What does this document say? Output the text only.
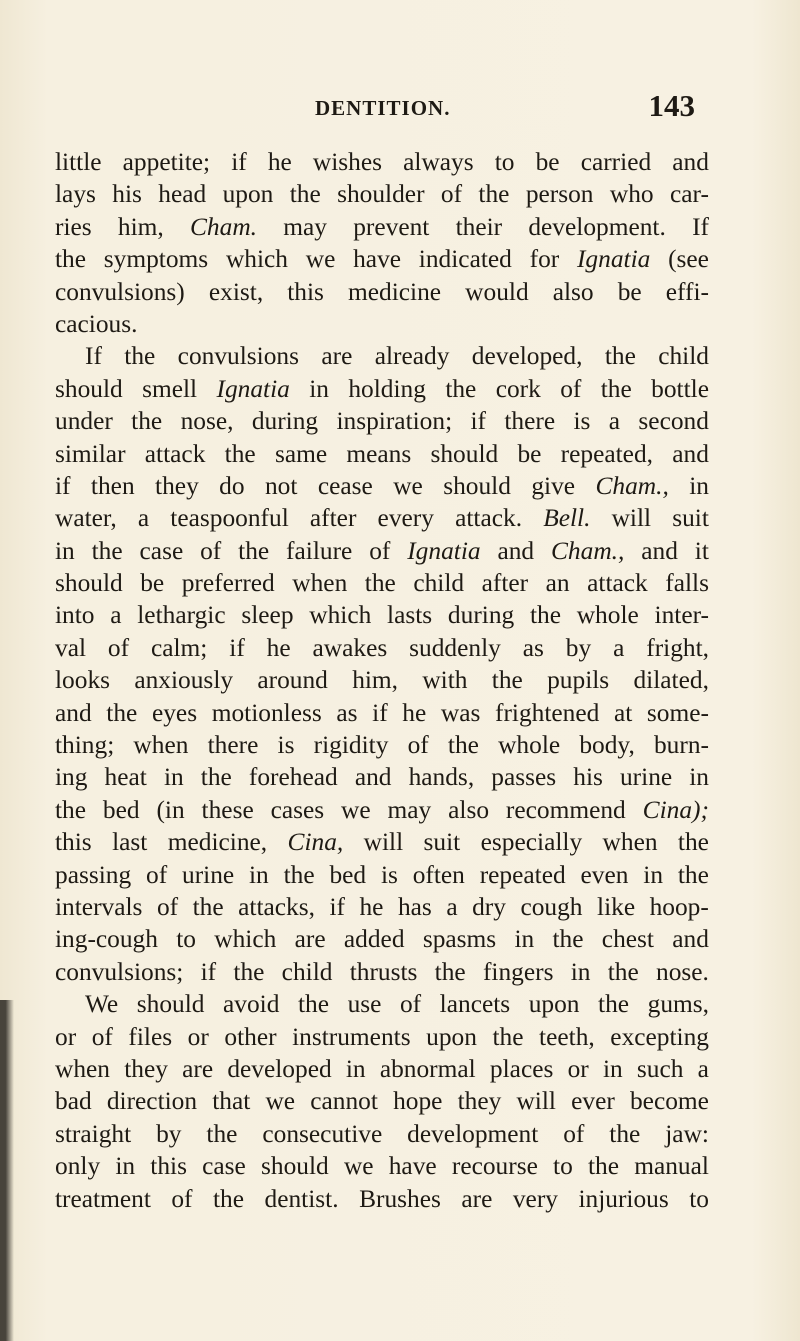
DENTITION.	143
little appetite; if he wishes always to be carried and
lays his head upon the shoulder of the person who car-
ries him, Cham. may prevent their development. If
the symptoms which we have indicated for Ignatia (see
convulsions) exist, this medicine would also be effi-
cacious.
If the convulsions are already developed, the child
should smell Ignatia in holding the cork of the bottle
under the nose, during inspiration; if there is a second
similar attack the same means should be repeated, and
if then they do not cease we should give Cham., in
water, a teaspoonful after every attack. Bell. will suit
in the case of the failure of Ignatia and Cham., and it
should be preferred when the child after an attack falls
into a lethargic sleep which lasts during the whole inter-
val of calm; if he awakes suddenly as by a fright,
looks anxiously around him, with the pupils dilated,
and the eyes motionless as if he was frightened at some-
thing; when there is rigidity of the whole body, burn-
ing heat in the forehead and hands, passes his urine in
the bed (in these cases we may also recommend Cina);
this last medicine, Cina, will suit especially when the
passing of urine in the bed is often repeated even in the
intervals of the attacks, if he has a dry cough like hoop-
ing-cough to which are added spasms in the chest and
convulsions; if the child thrusts the fingers in the nose.
We should avoid the use of lancets upon the gums,
or of files or other instruments upon the teeth, excepting
when they are developed in abnormal places or in such a
bad direction that we cannot hope they will ever become
straight by the consecutive development of the jaw:
only in this case should we have recourse to the manual
treatment of the dentist. Brushes are very injurious to
